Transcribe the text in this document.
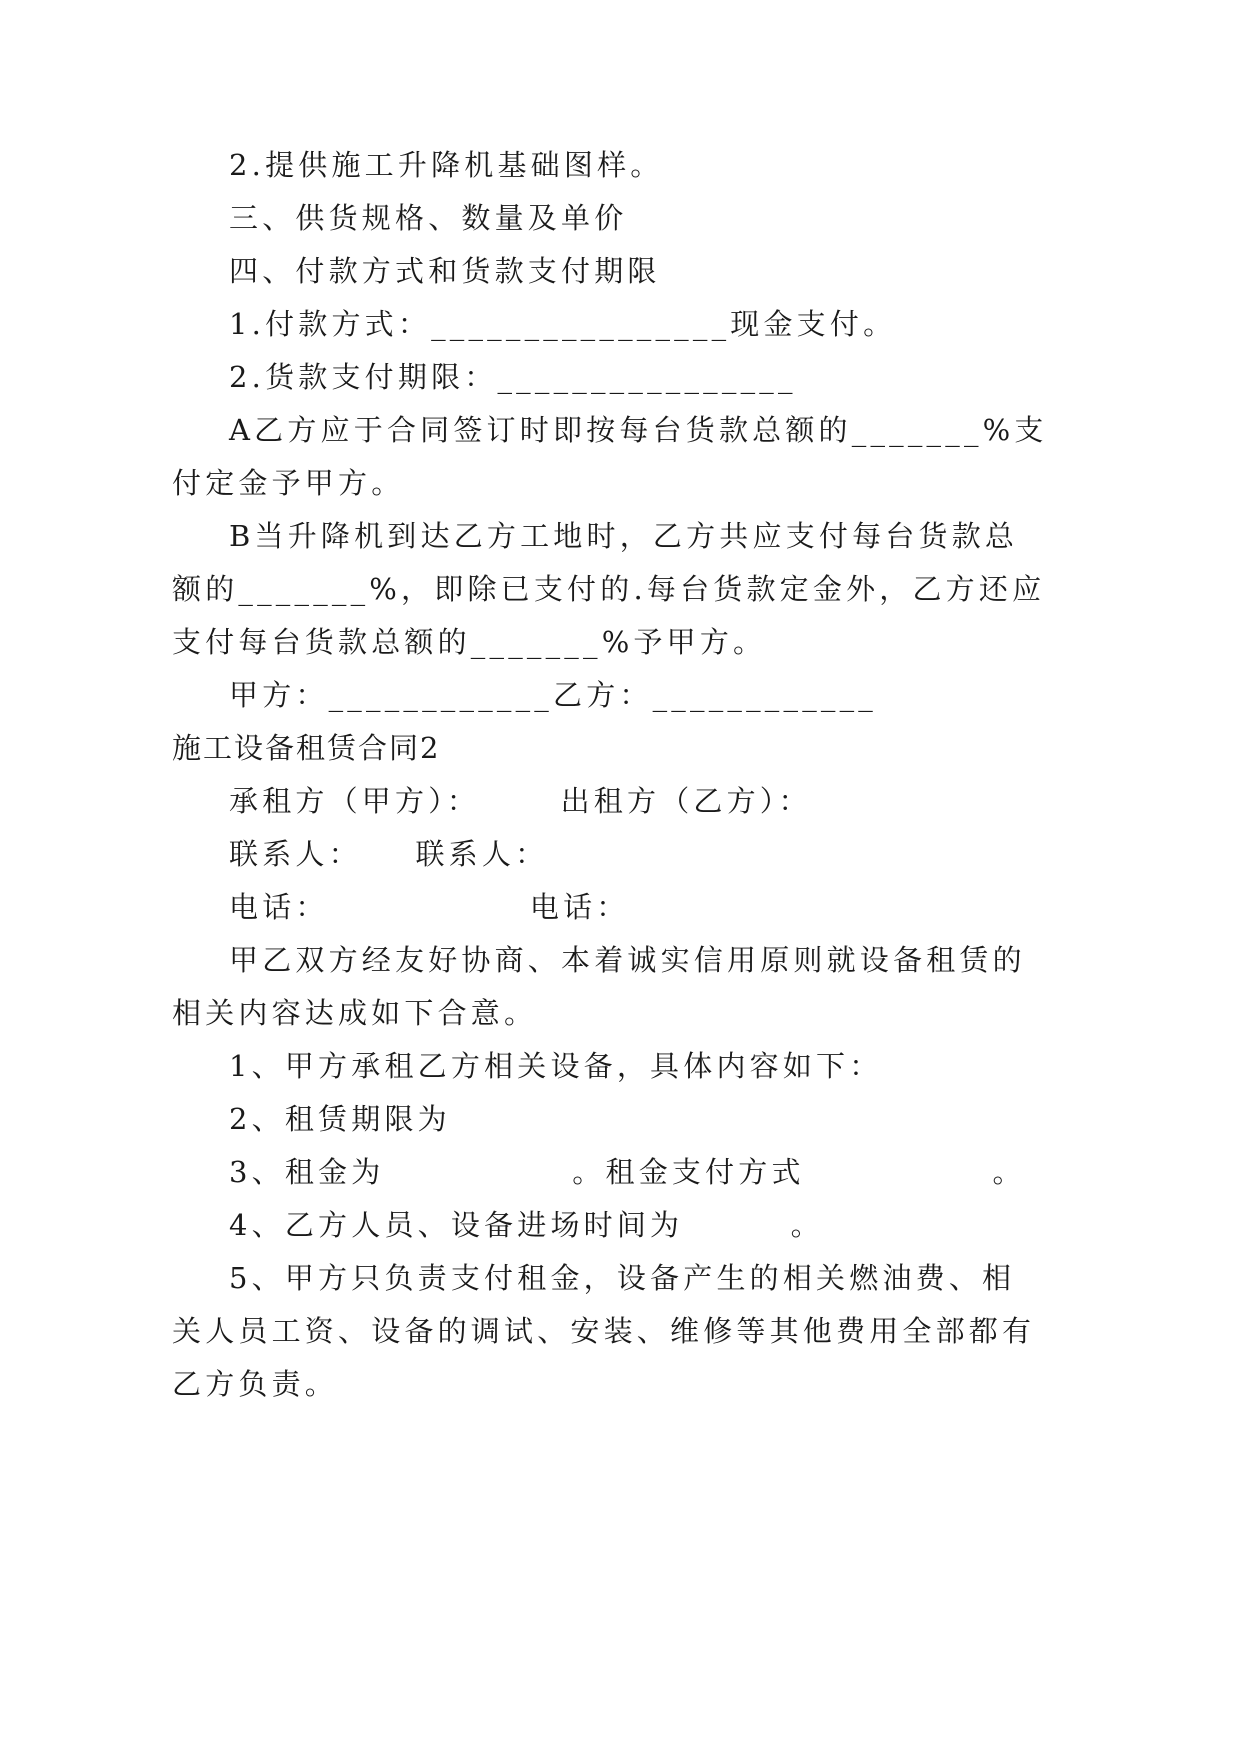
2.提供施工升降机基础图样。
三、供货规格、数量及单价
四、付款方式和货款支付期限
1.付款方式：________________现金支付。
2.货款支付期限：________________
A乙方应于合同签订时即按每台货款总额的_______%支
付定金予甲方。
B当升降机到达乙方工地时，乙方共应支付每台货款总
额的_______%，即除已支付的.每台货款定金外，乙方还应
支付每台货款总额的_______%予甲方。
甲方：____________乙方：____________
施工设备租赁合同2
承租方（甲方）：      出租方（乙方）：
联系人：    联系人：
电话：               电话：
甲乙双方经友好协商、本着诚实信用原则就设备租赁的
相关内容达成如下合意。
1、甲方承租乙方相关设备，具体内容如下：
2、租赁期限为
3、租金为              。租金支付方式              。
4、乙方人员、设备进场时间为        。
5、甲方只负责支付租金，设备产生的相关燃油费、相
关人员工资、设备的调试、安装、维修等其他费用全部都有
乙方负责。
